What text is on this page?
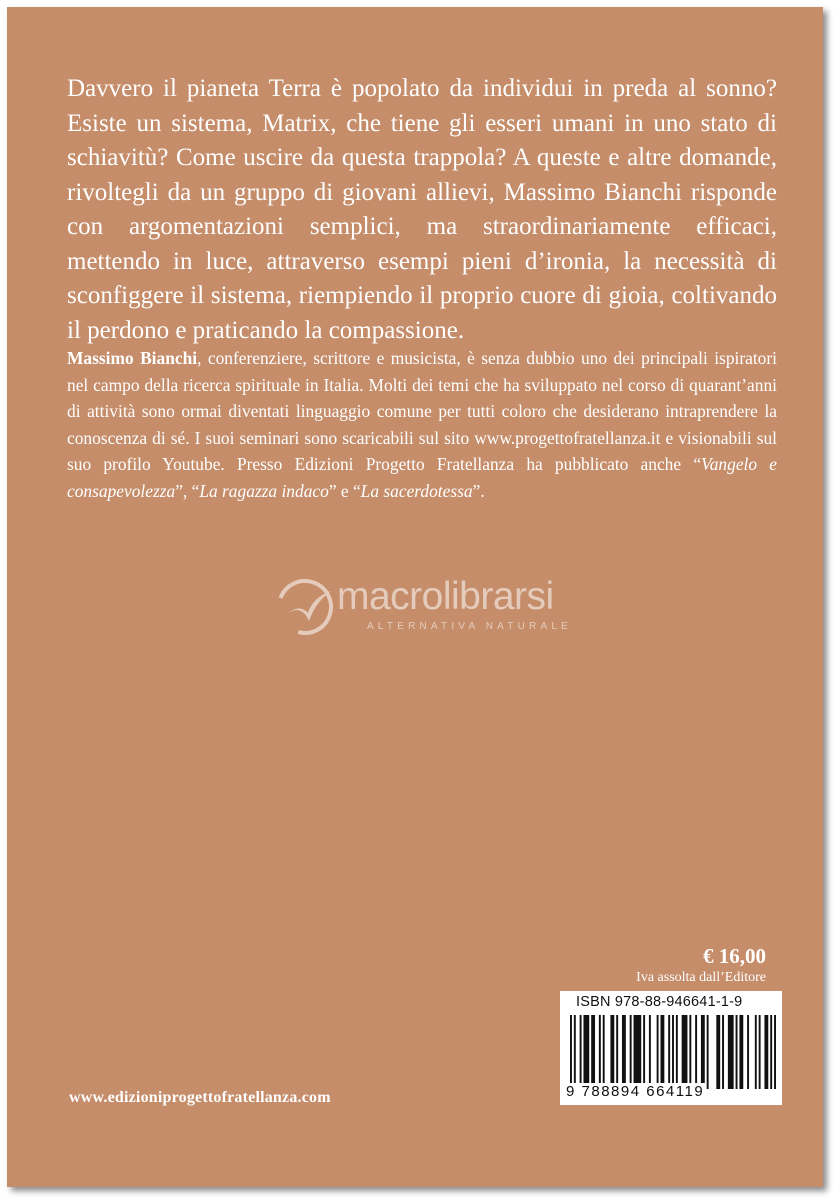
Davvero il pianeta Terra è popolato da individui in preda al sonno? Esiste un sistema, Matrix, che tiene gli esseri umani in uno stato di schiavitù? Come uscire da questa trappola? A queste e altre domande, rivoltegli da un gruppo di giovani allievi, Massimo Bianchi risponde con argomentazioni semplici, ma straordinariamente efficaci, mettendo in luce, attraverso esempi pieni d’ironia, la necessità di sconfiggere il sistema, riempiendo il proprio cuore di gioia, coltivando il perdono e praticando la compassione.

Massimo Bianchi, conferenziere, scrittore e musicista, è senza dubbio uno dei principali ispiratori nel campo della ricerca spirituale in Italia. Molti dei temi che ha sviluppato nel corso di quarant’anni di attività sono ormai diventati linguaggio comune per tutti coloro che desiderano intraprendere la conoscenza di sé. I suoi seminari sono scaricabili sul sito www.progettofratellanza.it e visionabili sul suo profilo Youtube. Presso Edizioni Progetto Fratellanza ha pubblicato anche “Vangelo e consapevolezza”, “La ragazza indaco” e “La sacerdotessa”.

macrolibrarsi
ALTERNATIVA NATURALE
€ 16,00
Iva assolta dall’Editore
ISBN 978-88-946641-1-9
9 788894 664119
www.edizioniprogettofratellanza.com
